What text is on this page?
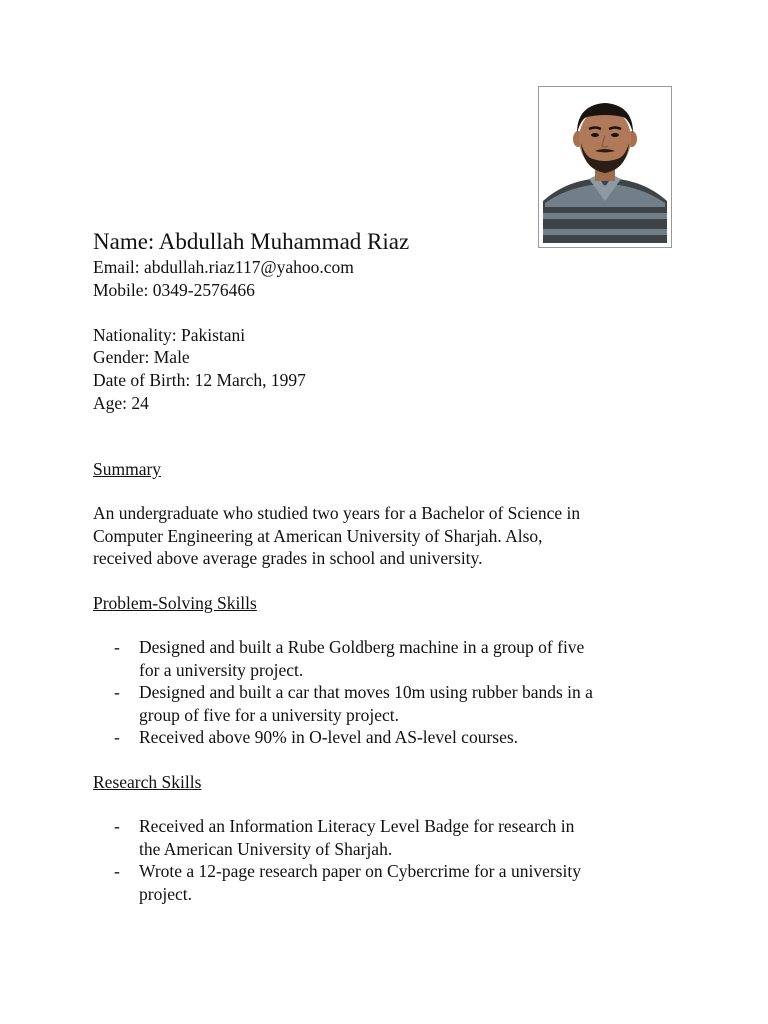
Name: Abdullah Muhammad Riaz
Email: abdullah.riaz117@yahoo.com
Mobile: 0349-2576466
Nationality: Pakistani
Gender: Male
Date of Birth: 12 March, 1997
Age: 24
Summary
An undergraduate who studied two years for a Bachelor of Science in
Computer Engineering at American University of Sharjah. Also,
received above average grades in school and university.
Problem-Solving Skills
- Designed and built a Rube Goldberg machine in a group of five
for a university project.
- Designed and built a car that moves 10m using rubber bands in a
group of five for a university project.
- Received above 90% in O-level and AS-level courses.
Research Skills
- Received an Information Literacy Level Badge for research in
the American University of Sharjah.
- Wrote a 12-page research paper on Cybercrime for a university
project.
